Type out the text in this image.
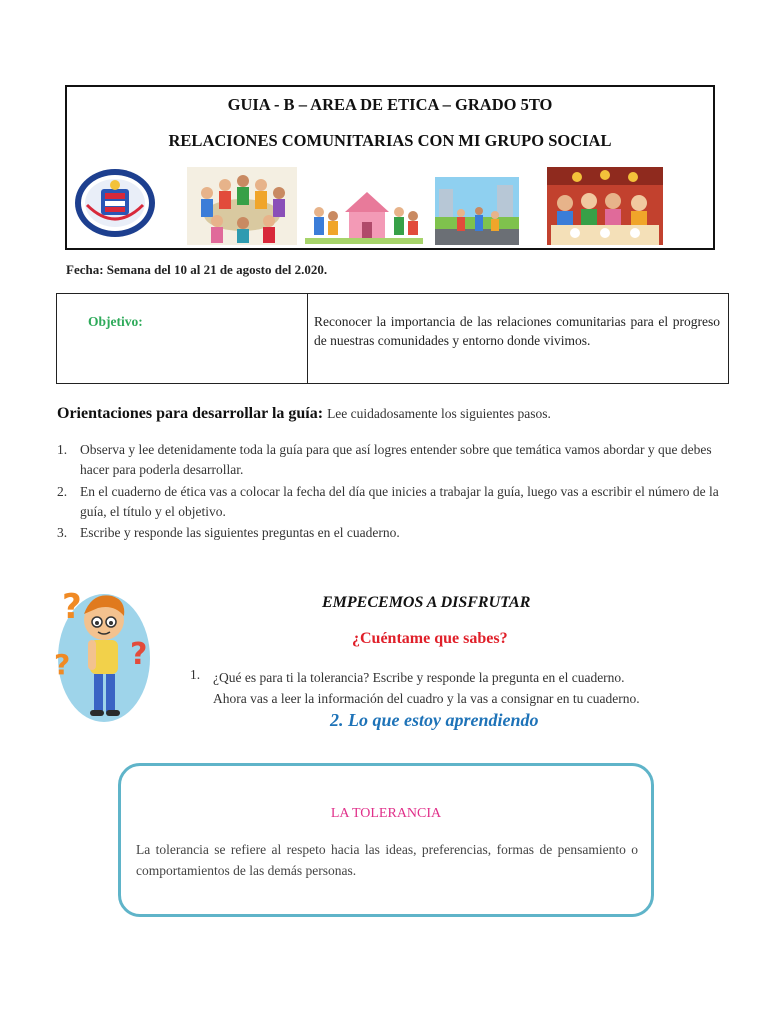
GUIA - B – AREA DE ETICA – GRADO 5TO
RELACIONES COMUNITARIAS CON MI GRUPO SOCIAL
Fecha: Semana del 10 al 21 de agosto del 2.020.
Objetivo:	Reconocer la importancia de las relaciones comunitarias para el progreso de nuestras comunidades y entorno donde vivimos.
Orientaciones para desarrollar la guía: Lee cuidadosamente los siguientes pasos.
1. Observa y lee detenidamente toda la guía para que así logres entender sobre que temática vamos abordar y que debes hacer para poderla desarrollar.
2. En el cuaderno de ética vas a colocar la fecha del día que inicies a trabajar la guía, luego vas a escribir el número de la guía, el título y el objetivo.
3. Escribe y responde las siguientes preguntas en el cuaderno.
?
?
?
EMPECEMOS A DISFRUTAR
¿Cuéntame que sabes?
1. ¿Qué es para ti la tolerancia? Escribe y responde la pregunta en el cuaderno.
Ahora vas a leer la información del cuadro y la vas a consignar en tu cuaderno.
2. Lo que estoy aprendiendo
LA TOLERANCIA
La tolerancia se refiere al respeto hacia las ideas, preferencias, formas de pensamiento o comportamientos de las demás personas.
